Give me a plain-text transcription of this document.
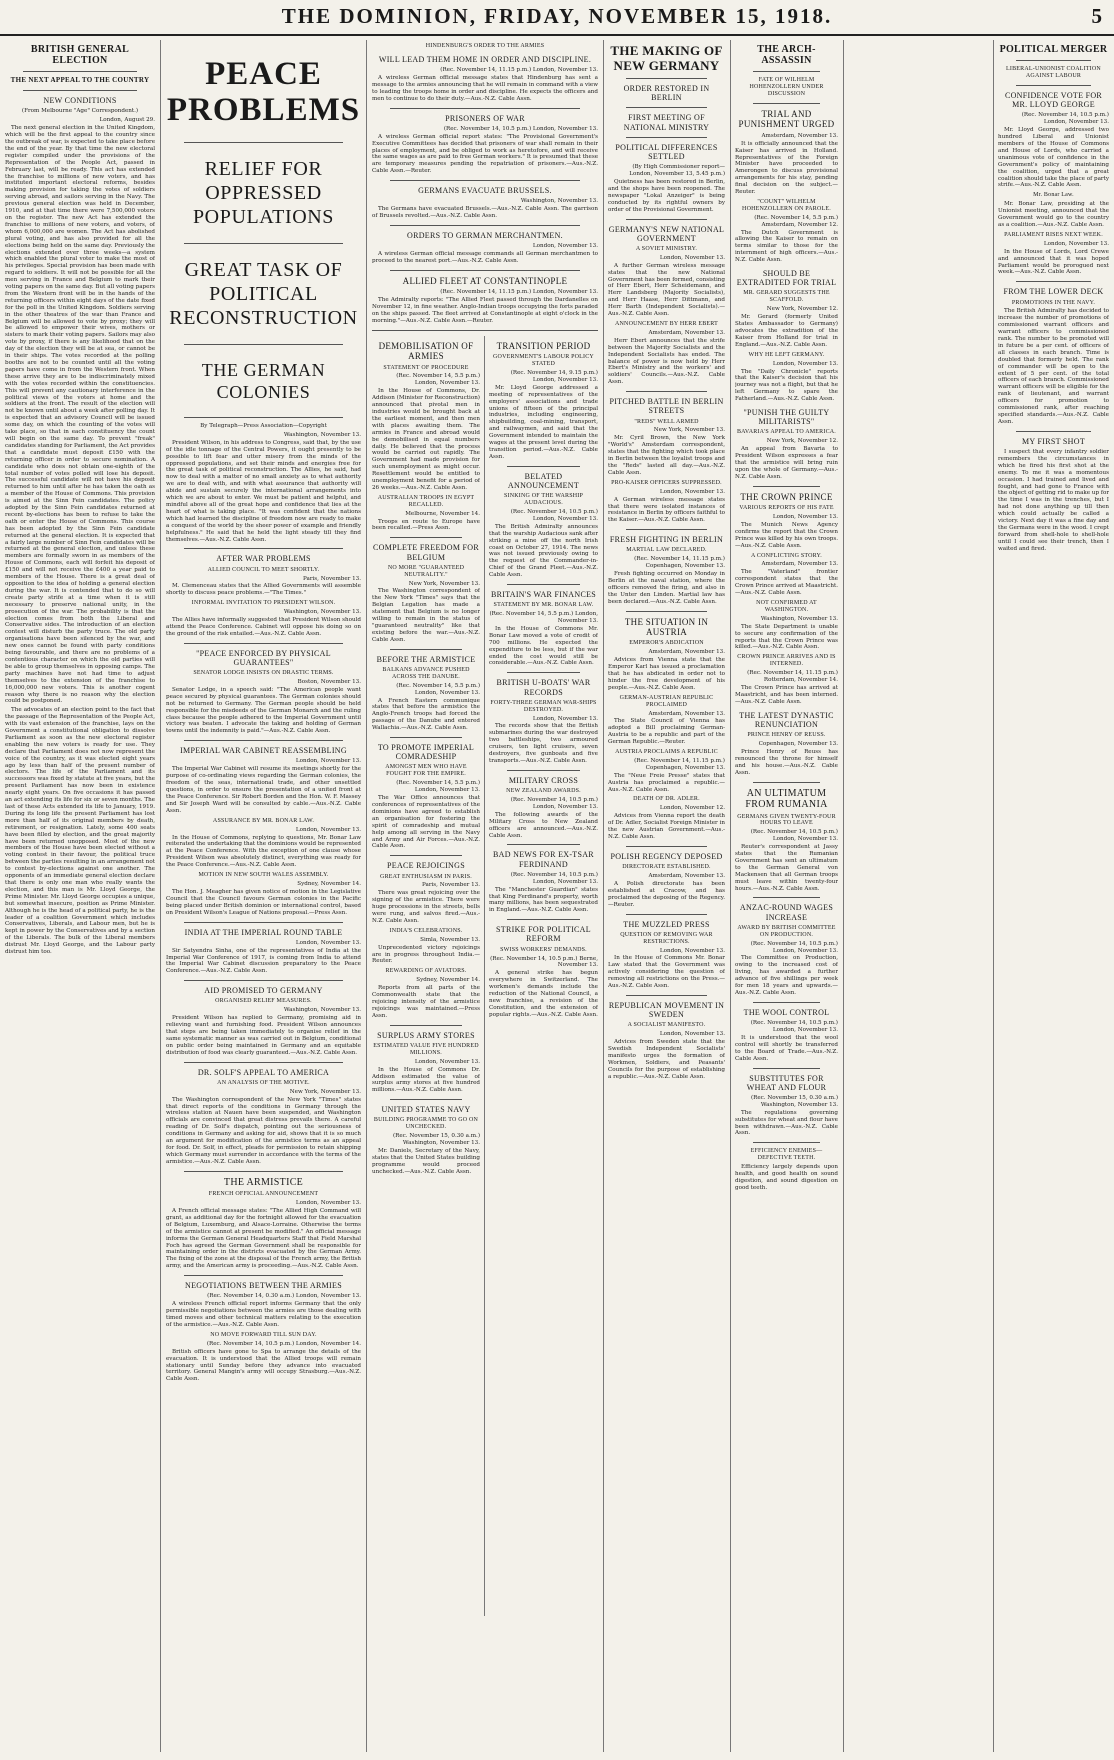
THE DOMINION, FRIDAY, NOVEMBER 15, 1918.	5
BRITISH GENERAL ELECTION
THE NEXT APPEAL TO THE COUNTRY
NEW CONDITIONS
(From Melbourne "Age" Correspondent.)
London, August 29.

The next general election in the United Kingdom, which will be the first appeal to the country since the outbreak of war, is expected to take place before the end of the year. By that time the new electoral register compiled under the provisions of the Representation of the People Act, passed in February last, will be ready. This act has extended the franchise to millions of new voters, and has instituted important electoral reforms, besides making provision for taking the votes of soldiers serving abroad, and sailors serving in the Navy. The previous general election was held in December, 1910, and at that time there were 7,500,000 voters on the register. The new Act has extended the franchise to millions of new voters, and voters, of whom 6,000,000 are women. The Act has abolished plural voting, and has also provided for all the elections being held on the same day. Previously the elections extended over three weeks—a system which enabled the plural voter to make the most of his privileges. Special provision has been made with regard to soldiers. It will not be possible for all the men serving in France and Belgium to mark their voting papers on the same day. But all voting papers from the Western front will be in the hands of the returning officers within eight days of the date fixed for the poll in the United Kingdom. Soldiers serving in the other theatres of the war than France and Belgium will be allowed to vote by proxy; they will be allowed to empower their wives, mothers or sisters to mark their voting papers. Sailors may also vote by proxy, if there is any likelihood that on the day of the election they will be at sea, or cannot be in their ships. The votes recorded at the polling booths are not to be counted until all the voting papers have come in from the Western front. When these arrive they are to be indiscriminately mixed with the votes recorded within the constituencies. This will prevent any cautionary interference in the political views of the voters at home and the soldiers at the front. The result of the election will not be known until about a week after polling day. It is expected that an advisory Council will be issued some day, on which the counting of the votes will take place, so that in each constituency the count will begin on the same day. To prevent "freak" candidates standing for Parliament, the Act provides that a candidate must deposit £150 with the returning officer in order to secure nomination. A candidate who does not obtain one-eighth of the total number of votes polled will lose his deposit. The successful candidate will not have his deposit returned to him until after he has taken the oath as a member of the House of Commons. This provision is aimed at the Sinn Fein candidates. The policy adopted by the Sinn Fein candidates returned at recent by-elections has been to refuse to take the oath or enter the House of Commons. This course has been adopted by the Sinn Fein candidate returned at the general election. It is expected that a fairly large number of Sinn Fein candidates will be returned at the general election, and unless these members are formally sworn in as members of the House of Commons, each will forfeit his deposit of £150 and will not receive the £400 a year paid to members of the House. There is a great deal of opposition to the idea of holding a general election during the war. It is contended that to do so will create party strife at a time when it is still necessary to preserve national unity, in the prosecution of the war. The probability is that the election comes from both the Liberal and Conservative sides. The introduction of an election contest will disturb the party truce. The old party organisations have been silenced by the war, and new ones cannot be found with party conditions being favourable, and there are no problems of a contentious character on which the old parties will be able to group themselves in opposing camps. The party machines have not had time to adjust themselves to the extension of the franchise to 16,000,000 new voters. This is another cogent reason why there is no reason why the election could be postponed.

The advocates of an election point to the fact that the passage of the Representation of the People Act, with its vast extension of the franchise, lays on the Government a constitutional obligation to dissolve Parliament as soon as the new electoral register enabling the new voters is ready for use. They declare that Parliament does not now represent the voice of the country, as it was elected eight years ago by less than half of the present number of electors. The life of the Parliament and its successors was fixed by statute at five years, but the present Parliament has now been in existence nearly eight years. On five occasions it has passed an act extending its life for six or seven months. The last of these Acts extended its life to January, 1919. During its long life the present Parliament has lost more than half of its original members by death, retirement, or resignation. Lately, some 400 seats have been filled by election, and the great majority have been returned unopposed. Most of the new members of the House have been elected without a voting contest in their favour, the political truce between the parties resulting in an arrangement not to contest by-elections against one another. The opponents of an immediate general election declare that there is only one man who really wants the election, and this man is Mr. Lloyd George, the Prime Minister. Mr. Lloyd George occupies a unique, but somewhat insecure, position as Prime Minister. Although he is the head of a political party, he is the leader of a coalition Government which includes Conservatives, Liberals, and Labour men, but he is kept in power by the Conservatives and by a section of the Liberals. The bulk of the Liberal members distrust Mr. Lloyd George, and the Labour party distrust him too.

PEACE PROBLEMS
RELIEF FOR OPPRESSED POPULATIONS
GREAT TASK OF POLITICAL RECONSTRUCTION
THE GERMAN COLONIES
By Telegraph—Press Association—Copyright
Washington, November 13.

President Wilson, in his address to Congress, said that, by the use of the idle tonnage of the Central Powers, it ought presently to be possible to lift fear and utter misery from the minds of the oppressed populations, and set their minds and energies free for the great task of political reconstruction. The Allies, he said, had now to deal with a matter of no small anxiety as to what authority we are to deal with, and with what assurance that authority will abide and sustain securely the international arrangements into which we are about to enter. We must be patient and helpful, and mindful above all of the great hope and confidence that lies at the heart of what is taking place. "It was confident that the nations which had learned the discipline of freedom now are ready to make a conquest of the world by the sheer power of example and friendly helpfulness." He said that he held the light steady till they find themselves.—Aus.-N.Z. Cable Assn.

AFTER WAR PROBLEMS
ALLIED COUNCIL TO MEET SHORTLY.
Paris, November 13.

M. Clemenceau states that the Allied Governments will assemble shortly to discuss peace problems.—"The Times."

INFORMAL INVITATION TO PRESIDENT WILSON.
Washington, November 13.

The Allies have informally suggested that President Wilson should attend the Peace Conference. Cabinet will oppose his doing so on the ground of the risk entailed.—Aus.-N.Z. Cable Assn.

"PEACE ENFORCED BY PHYSICAL GUARANTEES"
SENATOR LODGE INSISTS ON DRASTIC TERMS.
Boston, November 13.

Senator Lodge, in a speech said: "The American people want peace secured by physical guarantees. The German colonies should not be returned to Germany. The German people should be held responsible for the misdeeds of the German Monarch and the ruling class because the people adhered to the Imperial Government until victory was beaten. I advocate the taking and holding of German towns until the indemnity is paid."—Aus.-N.Z. Cable Assn.

IMPERIAL WAR CABINET REASSEMBLING
London, November 13.

The Imperial War Cabinet will resume its meetings shortly for the purpose of co-ordinating views regarding the German colonies, the freedom of the seas, international trade, and other unsettled questions, in order to ensure the presentation of a united front at the Peace Conference. Sir Robert Borden and the Hon. W. F. Massey and Sir Joseph Ward will be consulted by cable.—Aus.-N.Z. Cable Assn.

ASSURANCE BY MR. BONAR LAW.
London, November 13.

In the House of Commons, replying to questions, Mr. Bonar Law reiterated the undertaking that the dominions would be represented at the Peace Conference. With the exception of one clause whose President Wilson was absolutely distinct, everything was ready for the Peace Conference.—Aus.-N.Z. Cable Assn.

MOTION IN NEW SOUTH WALES ASSEMBLY.
Sydney, November 14.

The Hon. J. Meagher has given notice of motion in the Legislative Council that the Council favours German colonies in the Pacific being placed under British dominion or international control, based on President Wilson's League of Nations proposal.—Press Assn.

INDIA AT THE IMPERIAL ROUND TABLE
London, November 13.

Sir Satyendra Sinha, one of the representatives of India at the Imperial War Conference of 1917, is coming from India to attend the Imperial War Cabinet discussion preparatory to the Peace Conference.—Aus.-N.Z. Cable Assn.

AID PROMISED TO GERMANY
ORGANISED RELIEF MEASURES.
Washington, November 13.

President Wilson has replied to Germany, promising aid in relieving want and furnishing food. President Wilson announces that steps are being taken immediately to organise relief in the same systematic manner as was carried out in Belgium, conditional on public order being maintained in Germany and an equitable distribution of food was clearly guaranteed.—Aus.-N.Z. Cable Assn.

DR. SOLF'S APPEAL TO AMERICA
AN ANALYSIS OF THE MOTIVE.
New York, November 13.

The Washington correspondent of the New York "Times" states that direct reports of the conditions in Germany through the wireless station at Nauen have been suspended, and Washington officials are convinced that great distress prevails there. A careful reading of Dr. Solf's dispatch, pointing out the seriousness of conditions in Germany and asking for aid, shows that it is so much an argument for modification of the armistice terms as an appeal for food. Dr. Solf, in effect, pleads for permission to retain shipping which Germany must surrender in accordance with the terms of the armistice.—Aus.-N.Z. Cable Assn.

THE ARMISTICE
FRENCH OFFICIAL ANNOUNCEMENT
London, November 13.

A French official message states: "The Allied High Command will grant, as additional day for the fortnight allowed for the evacuation of Belgium, Luxemburg, and Alsace-Lorraine. Otherwise the terms of the armistice cannot at present be modified." An official message informs the German General Headquarters Staff that Field Marshal Foch has agreed the German Government shall be responsible for maintaining order in the districts evacuated by the German Army. The fixing of the zone at the disposal of the French army, the British army, and the American army is proceeding.—Aus.-N.Z. Cable Assn.

NEGOTIATIONS BETWEEN THE ARMIES
(Rec. November 14, 0.30 a.m.) London, November 13.

A wireless French official report informs Germany that the only permissible negotiations between the armies are those dealing with timed moves and other technical matters relating to the execution of the armistice.—Aus.-N.Z. Cable Assn.

NO MOVE FORWARD TILL SUN DAY.
(Rec. November 14, 10.5 p.m.) London, November 14.

British officers have gone to Spa to arrange the details of the evacuation. It is understood that the Allied troops will remain stationary until Sunday before they advance into evacuated territory. General Mangin's army will occupy Strasburg.—Aus.-N.Z. Cable Assn.

HINDENBURG'S ORDER TO THE ARMIES
WILL LEAD THEM HOME IN ORDER AND DISCIPLINE.
(Rec. November 14, 11.15 p.m.) London, November 13.

A wireless German official message states that Hindenburg has sent a message to the armies announcing that he will remain in command with a view to leading the troops home in order and discipline. He expects the officers and men to continue to do their duty.—Aus.-N.Z. Cable Assn.

PRISONERS OF WAR
(Rec. November 14, 10.5 p.m.) London, November 13.

A wireless German official report states: "The Provisional Government's Executive Committees has decided that prisoners of war shall remain in their places of employment, and be obliged to work as heretofore, and will receive the same wages as are paid to free German workers." It is presumed that these are temporary measures pending the repatriation of prisoners.—Aus.-N.Z. Cable Assn.—Reuter.

GERMANS EVACUATE BRUSSELS.
Washington, November 13.

The Germans have evacuated Brussels.—Aus.-N.Z. Cable Assn. The garrison of Brussels revolted.—Aus.-N.Z. Cable Assn.

ORDERS TO GERMAN MERCHANTMEN.
London, November 13.

A wireless German official message commands all German merchantmen to proceed to the nearest port.—Aus.-N.Z. Cable Assn.

ALLIED FLEET AT CONSTANTINOPLE
(Rec. November 14, 11.15 p.m.) London, November 13.

The Admiralty reports: "The Allied Fleet passed through the Dardanelles on November 12, in fine weather. Anglo-Indian troops occupying the forts paraded on the ships passed. The fleet arrived at Constantinople at eight o'clock in the morning."—Aus.-N.Z. Cable Assn.—Reuter.

DEMOBILISATION OF ARMIES
STATEMENT OF PROCEDURE
(Rec. November 14, 5.5 p.m.) London, November 13.

In the House of Commons, Dr. Addison (Minister for Reconstruction) announced that pivotal men in industries would be brought back at the earliest moment, and then men with places awaiting them. The armies in France and abroad would be demobilised in equal numbers daily. He believed that the process would be carried out rapidly. The Government had made provision for such unemployment as might occur. Resettlement would be entitled to unemployment benefit for a period of 26 weeks.—Aus.-N.Z. Cable Assn.

AUSTRALIAN TROOPS IN EGYPT RECALLED.
Melbourne, November 14.

Troops en route to Europe have been recalled.—Press Assn.

COMPLETE FREEDOM FOR BELGIUM
NO MORE "GUARANTEED NEUTRALITY."
New York, November 13.

The Washington correspondent of the New York "Times" says that the Belgian Legation has made a statement that Belgium is no longer willing to remain in the status of "guaranteed neutrality" like that existing before the war.—Aus.-N.Z. Cable Assn.

BEFORE THE ARMISTICE
BALKANS ADVANCE PUSHED ACROSS THE DANUBE.
(Rec. November 14, 5.5 p.m.) London, November 13.

A French Eastern communique states that before the armistice the Anglo-French troops had forced the passage of the Danube and entered Wallachia.—Aus.-N.Z. Cable Assn.

TO PROMOTE IMPERIAL COMRADESHIP
AMONGST MEN WHO HAVE FOUGHT FOR THE EMPIRE.
(Rec. November 14, 5.5 p.m.) London, November 13.

The War Office announces that conferences of representatives of the dominions have agreed to establish an organisation for fostering the spirit of comradeship and mutual help among all serving in the Navy and Army and Air Forces.—Aus.-N.Z. Cable Assn.

PEACE REJOICINGS
GREAT ENTHUSIASM IN PARIS.
Paris, November 13.

There was great rejoicing over the signing of the armistice. There were huge processions in the streets, bells were rung, and salvos fired.—Aus.-N.Z. Cable Assn.

INDIA'S CELEBRATIONS.
Simla, November 13.

Unprecedented victory rejoicings are in progress throughout India.—Reuter.

REWARDING OF AVIATORS.
Sydney, November 14.

Reports from all parts of the Commonwealth state that the rejoicing intensity of the armistice rejoicings was maintained.—Press Assn.

SURPLUS ARMY STORES
ESTIMATED VALUE FIVE HUNDRED MILLIONS.
London, November 13.

In the House of Commons Dr. Addison estimated the value of surplus army stores at five hundred millions.—Aus.-N.Z. Cable Assn.

UNITED STATES NAVY
BUILDING PROGRAMME TO GO ON UNCHECKED.
(Rec. November 15, 0.30 a.m.) Washington, November 13.

Mr. Daniels, Secretary of the Navy, states that the United States building programme would proceed unchecked.—Aus.-N.Z. Cable Assn.

TRANSITION PERIOD
GOVERNMENT'S LABOUR POLICY STATED
(Rec. November 14, 9.15 p.m.) London, November 13.

Mr. Lloyd George addressed a meeting of representatives of the employers' associations and trade unions of fifteen of the principal industries, including engineering, shipbuilding, coal-mining, transport, and railwaymen, and said that the Government intended to maintain the wages at the present level during the transition period.—Aus.-N.Z. Cable Assn.

BELATED ANNOUNCEMENT
SINKING OF THE WARSHIP AUDACIOUS.
(Rec. November 14, 10.5 p.m.) London, November 13.

The British Admiralty announces that the warship Audacious sank after striking a mine off the north Irish coast on October 27, 1914. The news was not issued previously owing to the request of the Commander-in-Chief of the Grand Fleet.—Aus.-N.Z. Cable Assn.

BRITAIN'S WAR FINANCES
STATEMENT BY MR. BONAR LAW.
(Rec. November 14, 5.5 p.m.) London, November 13.

In the House of Commons Mr. Bonar Law moved a vote of credit of 700 millions. He expected the expenditure to be less, but if the war ended the cost would still be considerable.—Aus.-N.Z. Cable Assn.

BRITISH U-BOATS' WAR RECORDS
FORTY-THREE GERMAN WAR-SHIPS DESTROYED.
London, November 13.

The records show that the British submarines during the war destroyed two battleships, two armoured cruisers, ten light cruisers, seven destroyers, five gunboats and five transports.—Aus.-N.Z. Cable Assn.

MILITARY CROSS
NEW ZEALAND AWARDS.
(Rec. November 14, 10.5 p.m.) London, November 13.

The following awards of the Military Cross to New Zealand officers are announced.—Aus.-N.Z. Cable Assn.

BAD NEWS FOR EX-TSAR FERDINAND
(Rec. November 14, 10.5 p.m.) London, November 13.

The "Manchester Guardian" states that King Ferdinand's property, worth many millions, has been sequestrated in England.—Aus.-N.Z. Cable Assn.

STRIKE FOR POLITICAL REFORM
SWISS WORKERS' DEMANDS.
(Rec. November 14, 10.5 p.m.) Berne, November 13.

A general strike has begun everywhere in Switzerland. The workmen's demands include the reduction of the National Council, a new franchise, a revision of the Constitution, and the extension of popular rights.—Aus.-N.Z. Cable Assn.

THE MAKING OF NEW GERMANY
ORDER RESTORED IN BERLIN
FIRST MEETING OF NATIONAL MINISTRY
POLITICAL DIFFERENCES SETTLED
(By High Commissioner report— London, November 13, 5.45 p.m.)

Quietness has been restored in Berlin, and the shops have been reopened. The newspaper "Lokal Anzeiger" is being conducted by its rightful owners by order of the Provisional Government.

GERMANY'S NEW NATIONAL GOVERNMENT
A SOVIET MINISTRY.
London, November 13.

A further German wireless message states that the new National Government has been formed, consisting of Herr Ebert, Herr Scheidemann, and Herr Landsberg (Majority Socialists), and Herr Haase, Herr Dittmann, and Herr Barth (Independent Socialists).—Aus.-N.Z. Cable Assn.

ANNOUNCEMENT BY HERR EBERT
Amsterdam, November 13.

Herr Ebert announces that the strife between the Majority Socialists and the Independent Socialists has ended. The balance of power is now held by Herr Ebert's Ministry and the workers' and soldiers' Councils.—Aus.-N.Z. Cable Assn.

PITCHED BATTLE IN BERLIN STREETS
"REDS" WELL ARMED
New York, November 13.

Mr. Cyril Brown, the New York "World's" Amsterdam correspondent, states that the fighting which took place in Berlin between the loyalist troops and the "Reds" lasted all day.—Aus.-N.Z. Cable Assn.

PRO-KAISER OFFICERS SUPPRESSED.
London, November 13.

A German wireless message states that there were isolated instances of resistance in Berlin by officers faithful to the Kaiser.—Aus.-N.Z. Cable Assn.

FRESH FIGHTING IN BERLIN
MARTIAL LAW DECLARED.
(Rec. November 14, 11.15 p.m.) Copenhagen, November 13.

Fresh fighting occurred on Monday in Berlin at the naval station, where the officers removed the firing, and also in the Unter den Linden. Martial law has been declared.—Aus.-N.Z. Cable Assn.

THE SITUATION IN AUSTRIA
EMPEROR'S ABDICATION
Amsterdam, November 13.

Advices from Vienna state that the Emperor Karl has issued a proclamation that he has abdicated in order not to hinder the free development of his people.—Aus.-N.Z. Cable Assn.

GERMAN-AUSTRIAN REPUBLIC PROCLAIMED
Amsterdam, November 13.

The State Council of Vienna has adopted a Bill proclaiming German-Austria to be a republic and part of the German Republic.—Reuter.

AUSTRIA PROCLAIMS A REPUBLIC
(Rec. November 14, 11.15 p.m.) Copenhagen, November 13.

The "Neue Freie Presse" states that Austria has proclaimed a republic.—Aus.-N.Z. Cable Assn.

DEATH OF DR. ADLER.
London, November 12.

Advices from Vienna report the death of Dr. Adler, Socialist Foreign Minister in the new Austrian Government.—Aus.-N.Z. Cable Assn.

POLISH REGENCY DEPOSED
DIRECTORATE ESTABLISHED.
Amsterdam, November 13.

A Polish directorate has been established at Cracow, and has proclaimed the deposing of the Regency.—Reuter.

THE MUZZLED PRESS
QUESTION OF REMOVING WAR RESTRICTIONS.
London, November 13.

In the House of Commons Mr. Bonar Law stated that the Government was actively considering the question of removing all restrictions on the Press.—Aus.-N.Z. Cable Assn.

REPUBLICAN MOVEMENT IN SWEDEN
A SOCIALIST MANIFESTO.
London, November 13.

Advices from Sweden state that the Swedish Independent Socialists' manifesto urges the formation of Workmen, Soldiers, and Peasants' Councils for the purpose of establishing a republic.—Aus.-N.Z. Cable Assn.

THE ARCH-ASSASSIN
FATE OF WILHELM HOHENZOLLERN UNDER DISCUSSION
TRIAL AND PUNISHMENT URGED
Amsterdam, November 13.

It is officially announced that the Kaiser has arrived in Holland. Representatives of the Foreign Minister have proceeded to Amerongen to discuss provisional arrangements for his stay, pending final decision on the subject.—Reuter.

"COUNT" WILHELM HOHENZOLLERN ON PAROLE.
(Rec. November 14, 5.5 p.m.) Amsterdam, November 12.

The Dutch Government is allowing the Kaiser to remain on terms similar to those for the internment of high officers.—Aus.-N.Z. Cable Assn.

SHOULD BE EXTRADITED FOR TRIAL
MR. GERARD SUGGESTS THE SCAFFOLD.
New York, November 12.

Mr. Gerard (formerly United States Ambassador to Germany) advocates the extradition of the Kaiser from Holland for trial in England.—Aus.-N.Z. Cable Assn.

WHY HE LEFT GERMANY.
London, November 13.

The "Daily Chronicle" reports that the Kaiser's decision that his journey was not a flight, but that he left Germany to spare the Fatherland.—Aus.-N.Z. Cable Assn.

"PUNISH THE GUILTY MILITARISTS"
BAVARIA'S APPEAL TO AMERICA.
New York, November 12.

An appeal from Bavaria to President Wilson expresses a fear that the armistice will bring ruin upon the whole of Germany.—Aus.-N.Z. Cable Assn.

THE CROWN PRINCE
VARIOUS REPORTS OF HIS FATE
London, November 13.

The Munich News Agency confirms the report that the Crown Prince was killed by his own troops.—Aus.-N.Z. Cable Assn.

A CONFLICTING STORY.
Amsterdam, November 13.

The "Vaterland" frontier correspondent states that the Crown Prince arrived at Maastricht.—Aus.-N.Z. Cable Assn.

NOT CONFIRMED AT WASHINGTON.
Washington, November 13.

The State Department is unable to secure any confirmation of the reports that the Crown Prince was killed.—Aus.-N.Z. Cable Assn.

CROWN PRINCE ARRIVES AND IS INTERNED.
(Rec. November 14, 11.15 p.m.) Rotterdam, November 14.

The Crown Prince has arrived at Maastricht, and has been interned.—Aus.-N.Z. Cable Assn.

THE LATEST DYNASTIC RENUNCIATION
PRINCE HENRY OF REUSS.
Copenhagen, November 13.

Prince Henry of Reuss has renounced the throne for himself and his house.—Aus.-N.Z. Cable Assn.

AN ULTIMATUM FROM RUMANIA
GERMANS GIVEN TWENTY-FOUR HOURS TO LEAVE
(Rec. November 14, 10.5 p.m.) London, November 13.

Reuter's correspondent at Jassy states that the Rumanian Government has sent an ultimatum to the German General von Mackensen that all German troops must leave within twenty-four hours.—Aus.-N.Z. Cable Assn.

ANZAC-ROUND WAGES INCREASE
AWARD BY BRITISH COMMITTEE ON PRODUCTION.
(Rec. November 14, 10.5 p.m.) London, November 13.

The Committee on Production, owing to the increased cost of living, has awarded a further advance of five shillings per week for men 18 years and upwards.—Aus.-N.Z. Cable Assn.

THE WOOL CONTROL
(Rec. November 14, 10.5 p.m.) London, November 13.

It is understood that the wool control will shortly be transferred to the Board of Trade.—Aus.-N.Z. Cable Assn.

SUBSTITUTES FOR WHEAT AND FLOUR
(Rec. November 15, 0.30 a.m.) Washington, November 13.

The regulations governing substitutes for wheat and flour have been withdrawn.—Aus.-N.Z. Cable Assn.

EFFICIENCY ENEMIES—DEFECTIVE TEETH.

Efficiency largely depends upon health, and good health on sound digestion, and sound digestion on good teeth.

POLITICAL MERGER
LIBERAL-UNIONIST COALITION AGAINST LABOUR
CONFIDENCE VOTE FOR MR. LLOYD GEORGE
(Rec. November 14, 10.5 p.m.) London, November 13.

Mr. Lloyd George, addressed two hundred Liberal and Unionist members of the House of Commons and House of Lords, who carried a unanimous vote of confidence in the Government's policy of maintaining the coalition, urged that a great coalition should take the place of party strife.—Aus.-N.Z. Cable Assn.

Mr. Bonar Law.

Mr. Bonar Law, presiding at the Unionist meeting, announced that the Government would go to the country as a coalition.—Aus.-N.Z. Cable Assn.

PARLIAMENT RISES NEXT WEEK.
London, November 13.

In the House of Lords, Lord Crewe and announced that it was hoped Parliament would be prorogued next week.—Aus.-N.Z. Cable Assn.

FROM THE LOWER DECK
PROMOTIONS IN THE NAVY.

The British Admiralty has decided to increase the number of promotions of commissioned warrant officers and warrant officers to commissioned rank. The number to be promoted will in future be a per cent. of officers of all classes in each branch. Time is doubled that formerly held. The rank of commander will be open to the extent of 5 per cent. of the total officers of each branch. Commissioned warrant officers will be eligible for the rank of lieutenant, and warrant officers for promotion to commissioned rank, after reaching specified standards.—Aus.-N.Z. Cable Assn.

MY FIRST SHOT

I suspect that every infantry soldier remembers the circumstances in which he fired his first shot at the enemy. To me it was a momentous occasion. I had trained and lived and fought, and had gone to France with the object of getting rid to make up for the time I was in the trenches, but I had not done anything up till then which could actually be called a victory. Next day it was a fine day and the Germans were in the wood. I crept forward from shell-hole to shell-hole until I could see their trench, then I waited and fired.
